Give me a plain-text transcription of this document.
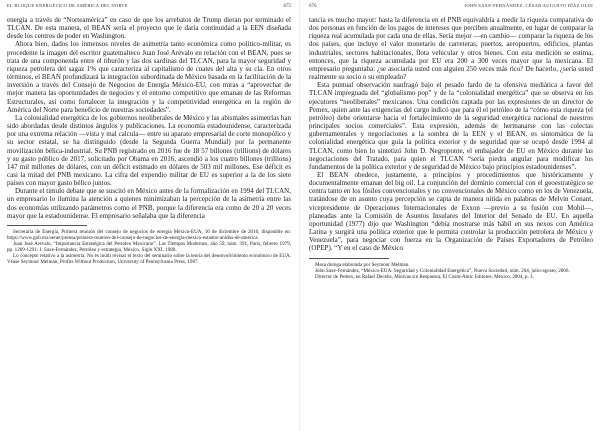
EL BLOQUE ENERGÉTICO DE AMÉRICA DEL NORTE	675

energía a través de “Norteamérica” en caso de que los arrebatos de Trump dieran por terminado el TLCAN. De esta manera, el BEAN sería el proyecto que le daría continuidad a la EEN diseñada desde los centros de poder en Washington.

Ahora bien, dados los inmensos niveles de asimetría tanto económica como político-militar, es procedente la imagen del escritor guatemalteco Juan José Arévalo en relación con el BEAN, pues se trata de una componenda entre el tiburón y las dos sardinas del TLCAN, para la mayor seguridad y riqueza petrolera del sagaz 1% que caracteriza al capitalismo de cuates del alta y su cla. En otros términos, el BEAN profundizará la integración subordinada de México basada en la facilitación de la inversión a través del Consejo de Negocios de Energía México-EU, con miras a “aprovechar de mejor manera las oportunidades de negocios y el entorno competitivo que emanan de las Reformas Estructurales, así como fortalecer la integración y la competitividad energética en la región de América del Norte para beneficio de nuestras sociedades”.

La colonialidad energética de los gobiernos neoliberales de México y las abismales asimetrías han sido abordadas desde distintos ángulos y publicaciones. La economía estadounidense, caracterizada por una extrema relación —vista y mal calcula— entre su aparato empresarial de corte monopólico y su sector estatal, se ha distinguido (desde la Segunda Guerra Mundial) por la permanente movilización bélica-industrial. Su PNB registrado en 2016 fue de 18 57 billones (trillions) de dólares y su gasto público de 2017, solicitado por Obama en 2016, ascendió a los cuatro billones (trillions) 147 mil millones de dólares, con un déficit estimado en dólares de 503 mil millones. Ese déficit es casi la mitad del PNB mexicano. La cifra del expendio militar de EU es superior a la de los siete países con mayor gasto bélico juntos.

Durante el timulo debate que se suscitó en México antes de la formalización en 1994 del TLCAN, un empresario lo ilumina la atención a quienes minimizaban la percepción de la asimetría entre las dos economías utilizando parámetros como el PNB, porque la diferencia era como de 20 a 20 veces mayor que la estadounidense. El empresario señalaba que la diferencia

Secretaría de Energía, Primera reunión del consejo de negocios de energía México-EUA, 16 de diciembre de 2016, disponible en: https://www.gob.mx/sener/prensa/primera-reunion-del-consejo-de-negocios-de-energia-mexico-estados-unidos-de-america.

Juan José Arévalo, “Importancia Estratégica del Petróleo Mexicano”, Las Tiempos Modernos, año 59, núm. 391, París, febrero 1979, pp. 1269-1291; J. Saxe-Fernández, Petróleo y estrategia, México, Siglo XXI, 1980.

Lo concepto relativo a la asimetría. No es inútil revisar el texto del seminario sobre la teoría del desenvolvimiento económico de EUA. Véase Seymour Melman, Profits Without Production, University of Pennsylvania Press, 1987.

676	JOHN SAXE-FERNÁNDEZ, CÉSAR AUGUSTO DÍAZ OLIN

tancia es mucho mayor: hasta la diferencia en el PNB equivaldría a medir la riqueza comparativa de dos personas en función de los pagos de intereses que perciben anualmente, en lugar de comparar la riqueza real acumulada por cada una de ellas. Sería mejor —en cambio— comparar la riqueza de los dos países, que incluye el valor monetario de carreteras, puertos, aeropuertos, edificios, plantas industriales, sectores habitacionales, flota vehicular y otros bienes. Con esta medición se estima, entonces, que la riqueza acumulada por EU era 200 a 300 veces mayor que la mexicana. El empresario preguntaba: ¿se asociaría usted con alguien 250 veces más rico? De hacerlo, ¿sería usted realmente su socio o su empleado?

Esta puntual observación naufragó bajo el pesado fardo de la ofensiva mediática a favor del TLCAN impregnada del “globalismo pop” y de la “colonialidad energética” que se observa en los ejecutores “neoliberales” mexicanos. Una condición captada por las expresiones de un director de Pemex, quien ante las exigencias del cargo indicó que para él el petróleo de la “cómo esta riqueza (el petróleo) debe orientarse hacia el fortalecimiento de la seguridad energética nacional de nuestros principales socios comerciales”. Esta expresión, además de hermanarse con las colectas gubernamentales y negociaciones a la sombra de la EEN y el BEAN, es sintomática de la colonialidad energética que guía la política exterior y de seguridad que se ocupó desde 1994 al TLCAN, como bien lo sintetizó John D. Negroponte, el embajador de EU en México durante las negociaciones del Tratado, para quien el TLCAN “sería piedra angular para modificar los fundamentos de la política exterior y de seguridad de México bajo principios estadounidenses”.

El BEAN obedece, justamente, a principios y procedimientos que históricamente y documentalmente emanan del big oil. La conjunción del dominio comercial con el geoestratégico se centra tanto en los fósiles convencionales y no convencionales de México como en los de Venezuela, tratándose de un asunto cuya percepción se capta de manera nítida en palabras de Melvin Conant, vicepresidente de Operaciones Internacionales de Exxon —previo a su fusión con Mobil—, planeadas ante la Comisión de Asuntos Insulares del Interior del Senado de EU. En aquella oportunidad (1977) dijo que Washington “debía mostrarse más hábil en sus nexos con América Latina y surgirá una política exterior que le permita controlar la producción petrolera de México y Venezuela”, para negociar con fuerza en la Organización de Países Exportadores de Petróleo (OPEP). “Y en el caso de México

Mesa dologa elaborada por Seymour Melman.

John Saxe-Fernández, “México-EUA: Seguridad y Colonialidad Energética”, Nueva Sociedad, núm. 204, julio-agosto, 2006.

Director de Pemex, en Rafael Decelis, Minivas sin Respuesta, El Cosm-Amic Editores, México, 2004, p. 3.
